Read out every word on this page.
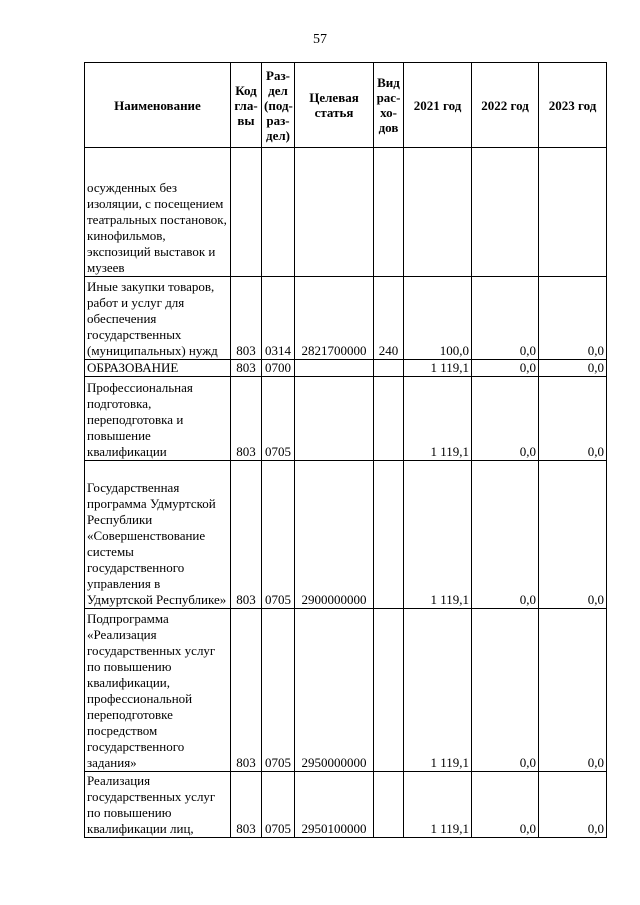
57
Наименование	Код гла-вы	Раз-дел (под-раз-дел)	Целевая статья	Вид рас-хо-дов	2021 год	2022 год	2023 год
осужденных без изоляции, с посещением театральных постановок, кинофильмов, экспозиций выставок и музеев							
Иные закупки товаров, работ и услуг для обеспечения государственных (муниципальных) нужд	803	0314	2821700000	240	100,0	0,0	0,0
ОБРАЗОВАНИЕ	803	0700			1 119,1	0,0	0,0
Профессиональная подготовка, переподготовка и повышение квалификации	803	0705			1 119,1	0,0	0,0
Государственная программа Удмуртской Республики «Совершенствование системы государственного управления в Удмуртской Республике»	803	0705	2900000000		1 119,1	0,0	0,0
Подпрограмма «Реализация государственных услуг по повышению квалификации, профессиональной переподготовке посредством государственного задания»	803	0705	2950000000		1 119,1	0,0	0,0
Реализация государственных услуг по повышению квалификации лиц,	803	0705	2950100000		1 119,1	0,0	0,0
